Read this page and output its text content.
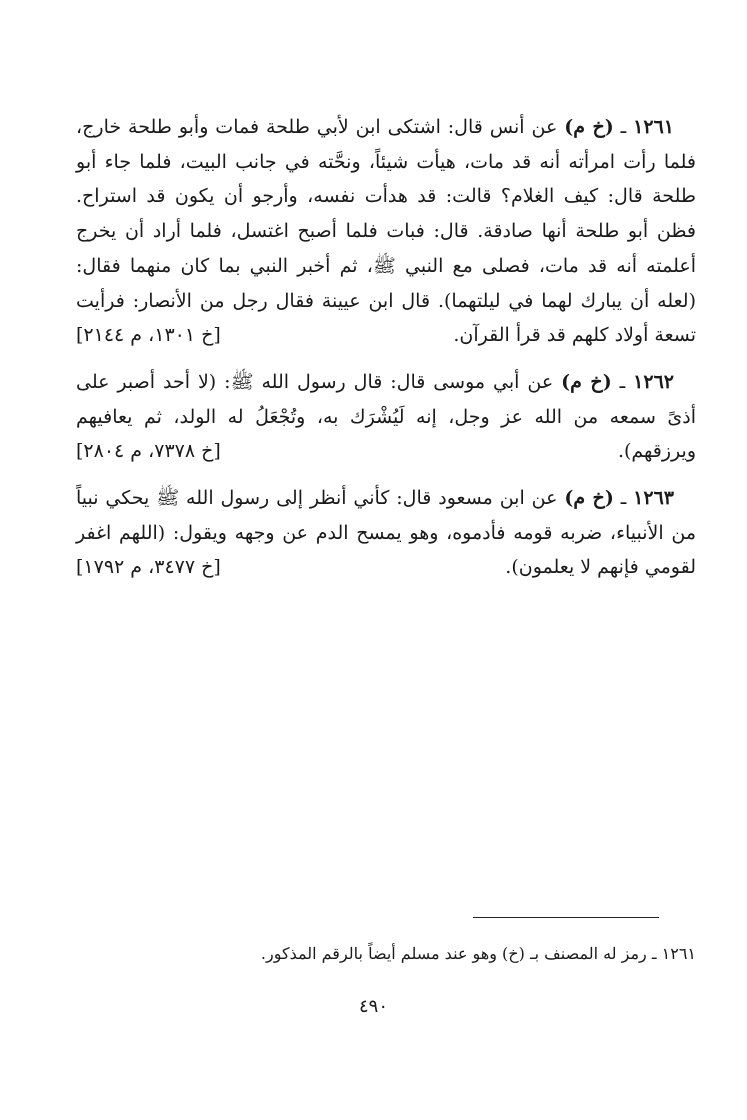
١٢٦١ ـ (خ م) عن أنس قال: اشتكى ابن لأبي طلحة فمات وأبو طلحة خارج، فلما رأت امرأته أنه قد مات، هيأت شيئاً، ونحَّته في جانب البيت، فلما جاء أبو طلحة قال: كيف الغلام؟ قالت: قد هدأت نفسه، وأرجو أن يكون قد استراح. فظن أبو طلحة أنها صادقة. قال: فبات فلما أصبح اغتسل، فلما أراد أن يخرج أعلمته أنه قد مات، فصلى مع النبي ﷺ، ثم أخبر النبي بما كان منهما فقال: (لعله أن يبارك لهما في ليلتهما). قال ابن عيينة فقال رجل من الأنصار: فرأيت تسعة أولاد كلهم قد قرأ القرآن.
[خ ١٣٠١، م ٢١٤٤]

١٢٦٢ ـ (خ م) عن أبي موسى قال: قال رسول الله ﷺ: (لا أحد أصبر على أذىً سمعه من الله عز وجل، إنه لَيُشْرَك به، وتُجْعَلُ له الولد، ثم يعافيهم ويرزقهم).
[خ ٧٣٧٨، م ٢٨٠٤]

١٢٦٣ ـ (خ م) عن ابن مسعود قال: كأني أنظر إلى رسول الله ﷺ يحكي نبياً من الأنبياء، ضربه قومه فأدموه، وهو يمسح الدم عن وجهه ويقول: (اللهم اغفر لقومي فإنهم لا يعلمون).
[خ ٣٤٧٧، م ١٧٩٢]

١٢٦١ ـ رمز له المصنف بـ (خ) وهو عند مسلم أيضاً بالرقم المذكور.
٤٩٠
